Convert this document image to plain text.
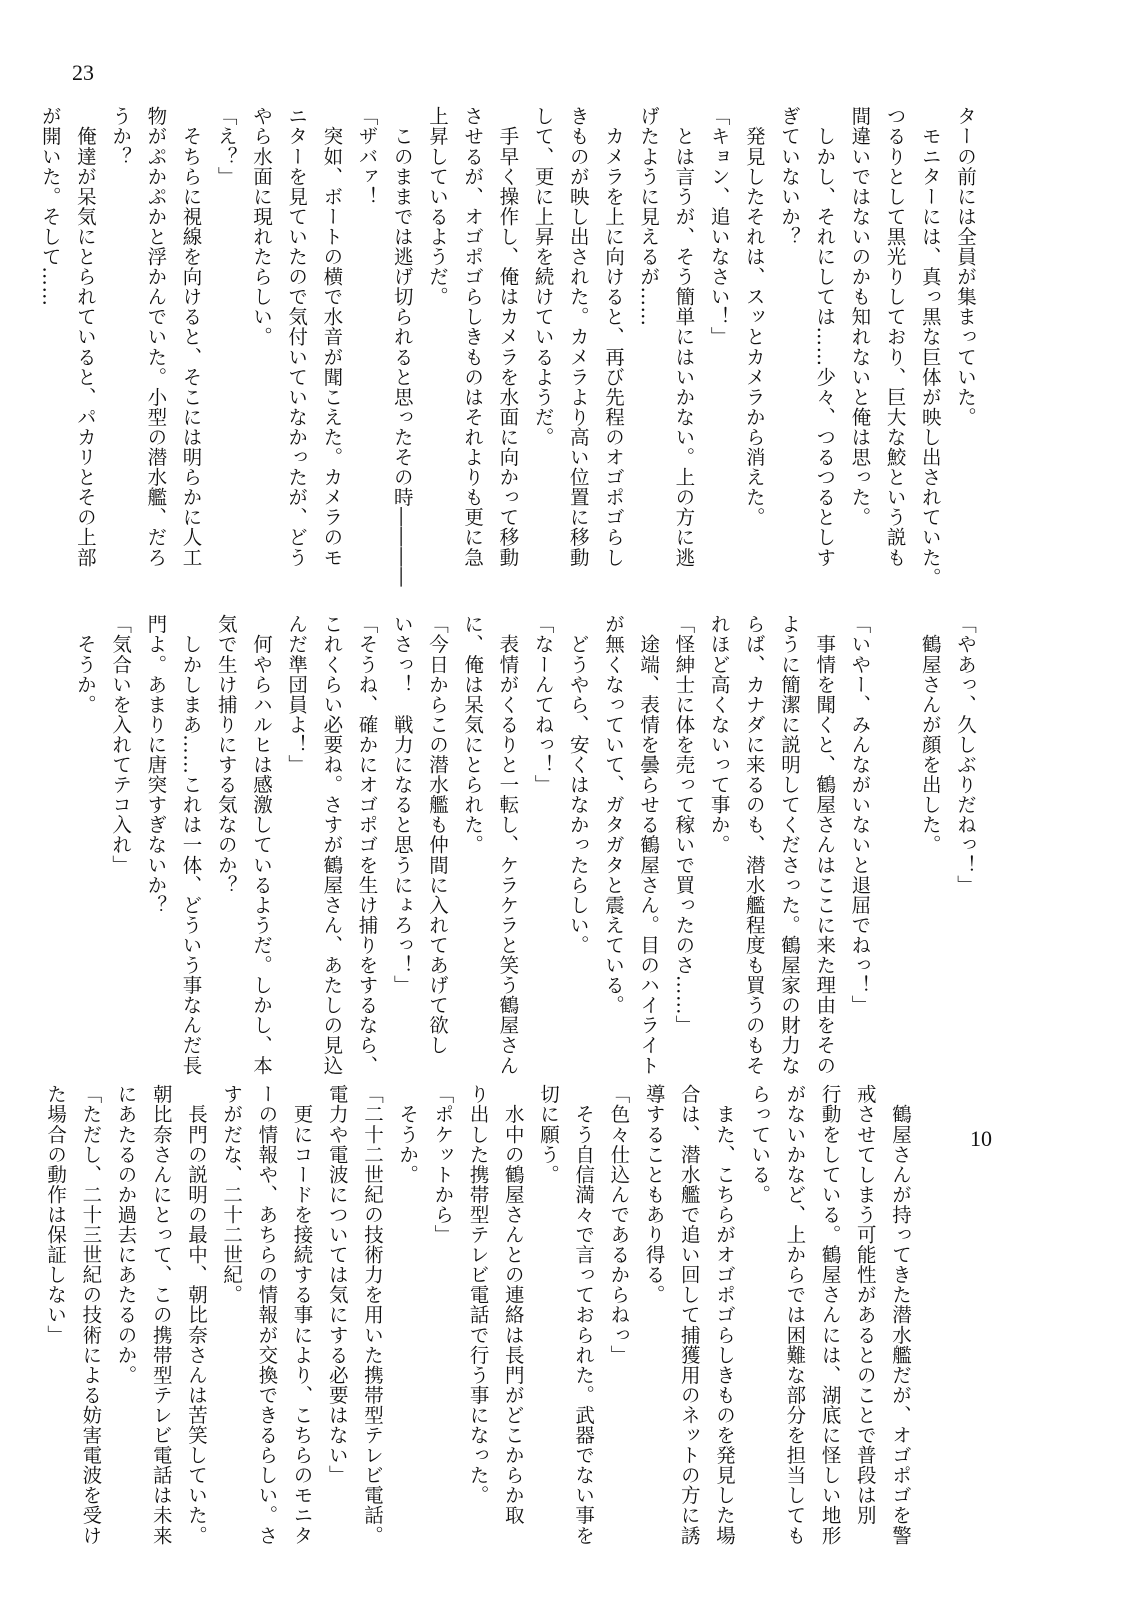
23
ターの前には全員が集まっていた。
　モニターには、真っ黒な巨体が映し出されていた。
つるりとして黒光りしており、巨大な鮫という説も
間違いではないのかも知れないと俺は思った。
　しかし、それにしては……少々、つるつるとしす
ぎていないか？
　発見したそれは、スッとカメラから消えた。
「キョン、追いなさい！」
　とは言うが、そう簡単にはいかない。上の方に逃
げたように見えるが……
　カメラを上に向けると、再び先程のオゴポゴらし
きものが映し出された。カメラより高い位置に移動
して、更に上昇を続けているようだ。
　手早く操作し、俺はカメラを水面に向かって移動
させるが、オゴポゴらしきものはそれよりも更に急
上昇しているようだ。
　このままでは逃げ切られると思ったその時――――
「ザバァ！
　突如、ボートの横で水音が聞こえた。カメラのモ
ニターを見ていたので気付いていなかったが、どう
やら水面に現れたらしい。
「え？」
　そちらに視線を向けると、そこには明らかに人工
物がぷかぷかと浮かんでいた。小型の潜水艦、だろ
うか？
　俺達が呆気にとられていると、パカリとその上部
が開いた。そして……
「やあっ、久しぶりだねっ！」
　鶴屋さんが顔を出した。
「いやー、みんながいないと退屈でねっ！」
　事情を聞くと、鶴屋さんはここに来た理由をその
ように簡潔に説明してくださった。鶴屋家の財力な
らば、カナダに来るのも、潜水艦程度も買うのもそ
れほど高くないって事か。
「怪紳士に体を売って稼いで買ったのさ……」
　途端、表情を曇らせる鶴屋さん。目のハイライト
が無くなっていて、ガタガタと震えている。
　どうやら、安くはなかったらしい。
「なーんてねっ！」
　表情がくるりと一転し、ケラケラと笑う鶴屋さん
に、俺は呆気にとられた。
「今日からこの潜水艦も仲間に入れてあげて欲し
いさっ！　戦力になると思うにょろっ！」
「そうね、確かにオゴポゴを生け捕りをするなら、
これくらい必要ね。さすが鶴屋さん、あたしの見込
んだ準団員よ！」
　何やらハルヒは感激しているようだ。しかし、本
気で生け捕りにする気なのか？
　しかしまあ……これは一体、どういう事なんだ長
門よ。あまりに唐突すぎないか？
「気合いを入れてテコ入れ」
　そうか。
　鶴屋さんが持ってきた潜水艦だが、オゴポゴを警
戒させてしまう可能性があるとのことで普段は別
行動をしている。鶴屋さんには、湖底に怪しい地形
がないかなど、上からでは困難な部分を担当しても
らっている。
　また、こちらがオゴポゴらしきものを発見した場
合は、潜水艦で追い回して捕獲用のネットの方に誘
導することもあり得る。
「色々仕込んであるからねっ」
　そう自信満々で言っておられた。武器でない事を
切に願う。
　水中の鶴屋さんとの連絡は長門がどこからか取
り出した携帯型テレビ電話で行う事になった。
「ポケットから」
　そうか。
「二十二世紀の技術力を用いた携帯型テレビ電話。
電力や電波については気にする必要はない」
　更にコードを接続する事により、こちらのモニタ
ーの情報や、あちらの情報が交換できるらしい。さ
すがだな、二十二世紀。
　長門の説明の最中、朝比奈さんは苦笑していた。
朝比奈さんにとって、この携帯型テレビ電話は未来
にあたるのか過去にあたるのか。
「ただし、二十三世紀の技術による妨害電波を受け
た場合の動作は保証しない」	10
